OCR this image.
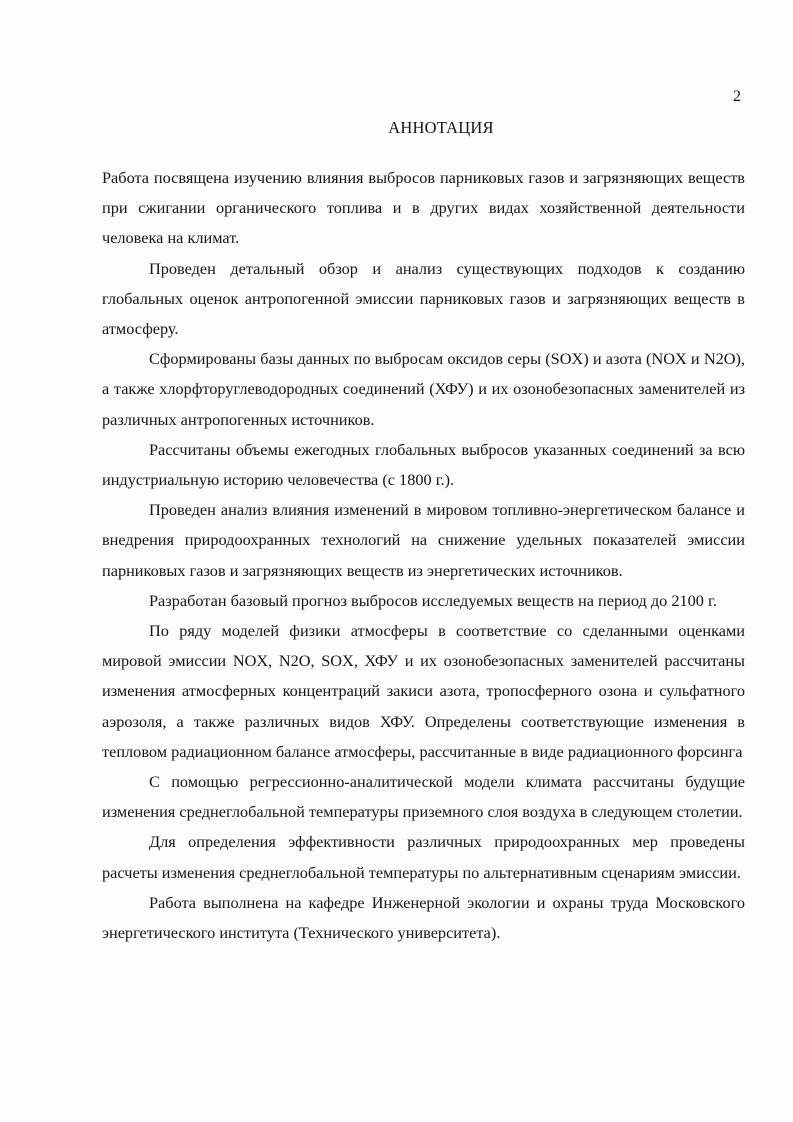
2
АННОТАЦИЯ

Работа посвящена изучению влияния выбросов парниковых газов и загрязняющих веществ при сжигании органического топлива и в других видах хозяйственной деятельности человека на климат.

Проведен детальный обзор и анализ существующих подходов к созданию глобальных оценок антропогенной эмиссии парниковых газов и загрязняющих веществ в атмосферу.

Сформированы базы данных по выбросам оксидов серы (SOX) и азота (NOX и N2O), а также хлорфторуглеводородных соединений (ХФУ) и их озонобезопасных заменителей из различных антропогенных источников.

Рассчитаны объемы ежегодных глобальных выбросов указанных соединений за всю индустриальную историю человечества (с 1800 г.).

Проведен анализ влияния изменений в мировом топливно-энергетическом балансе и внедрения природоохранных технологий на снижение удельных показателей эмиссии парниковых газов и загрязняющих веществ из энергетических источников.

Разработан базовый прогноз выбросов исследуемых веществ на период до 2100 г.

По ряду моделей физики атмосферы в соответствие со сделанными оценками мировой эмиссии NOX, N2O, SOX, ХФУ и их озонобезопасных заменителей рассчитаны изменения атмосферных концентраций закиси азота, тропосферного озона и сульфатного аэрозоля, а также различных видов ХФУ. Определены соответствующие изменения в тепловом радиационном балансе атмосферы, рассчитанные в виде радиационного форсинга

С помощью регрессионно-аналитической модели климата рассчитаны будущие изменения среднеглобальной температуры приземного слоя воздуха в следующем столетии.

Для определения эффективности различных природоохранных мер проведены расчеты изменения среднеглобальной температуры по альтернативным сценариям эмиссии.

Работа выполнена на кафедре Инженерной экологии и охраны труда Московского энергетического института (Технического университета).
